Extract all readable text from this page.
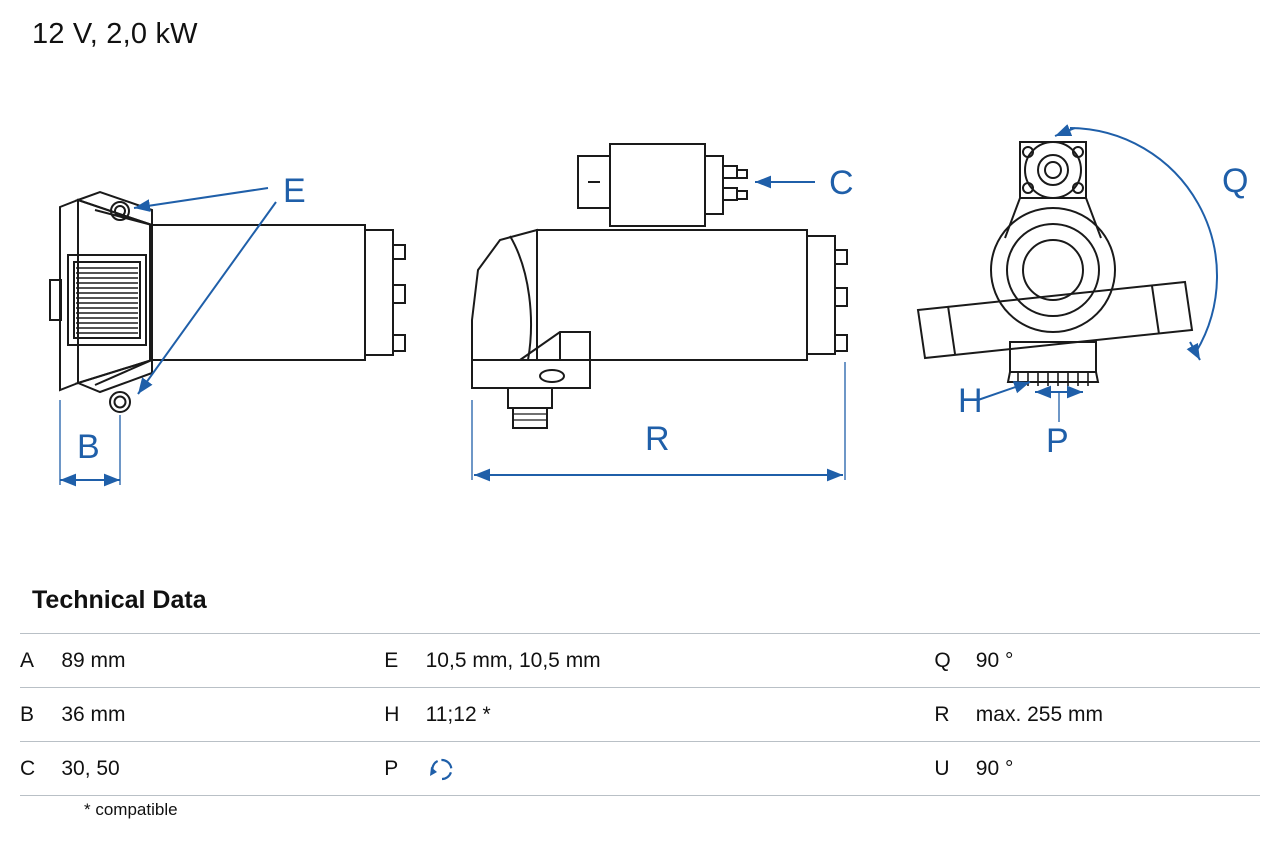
12 V, 2,0 kW
E
B
C
R
Q
H
P
Technical Data
A	89 mm	E	10,5 mm, 10,5 mm	Q	90 °
B	36 mm	H	11;12 *	R	max. 255 mm
C	30, 50	P		U	90 °
* compatible
